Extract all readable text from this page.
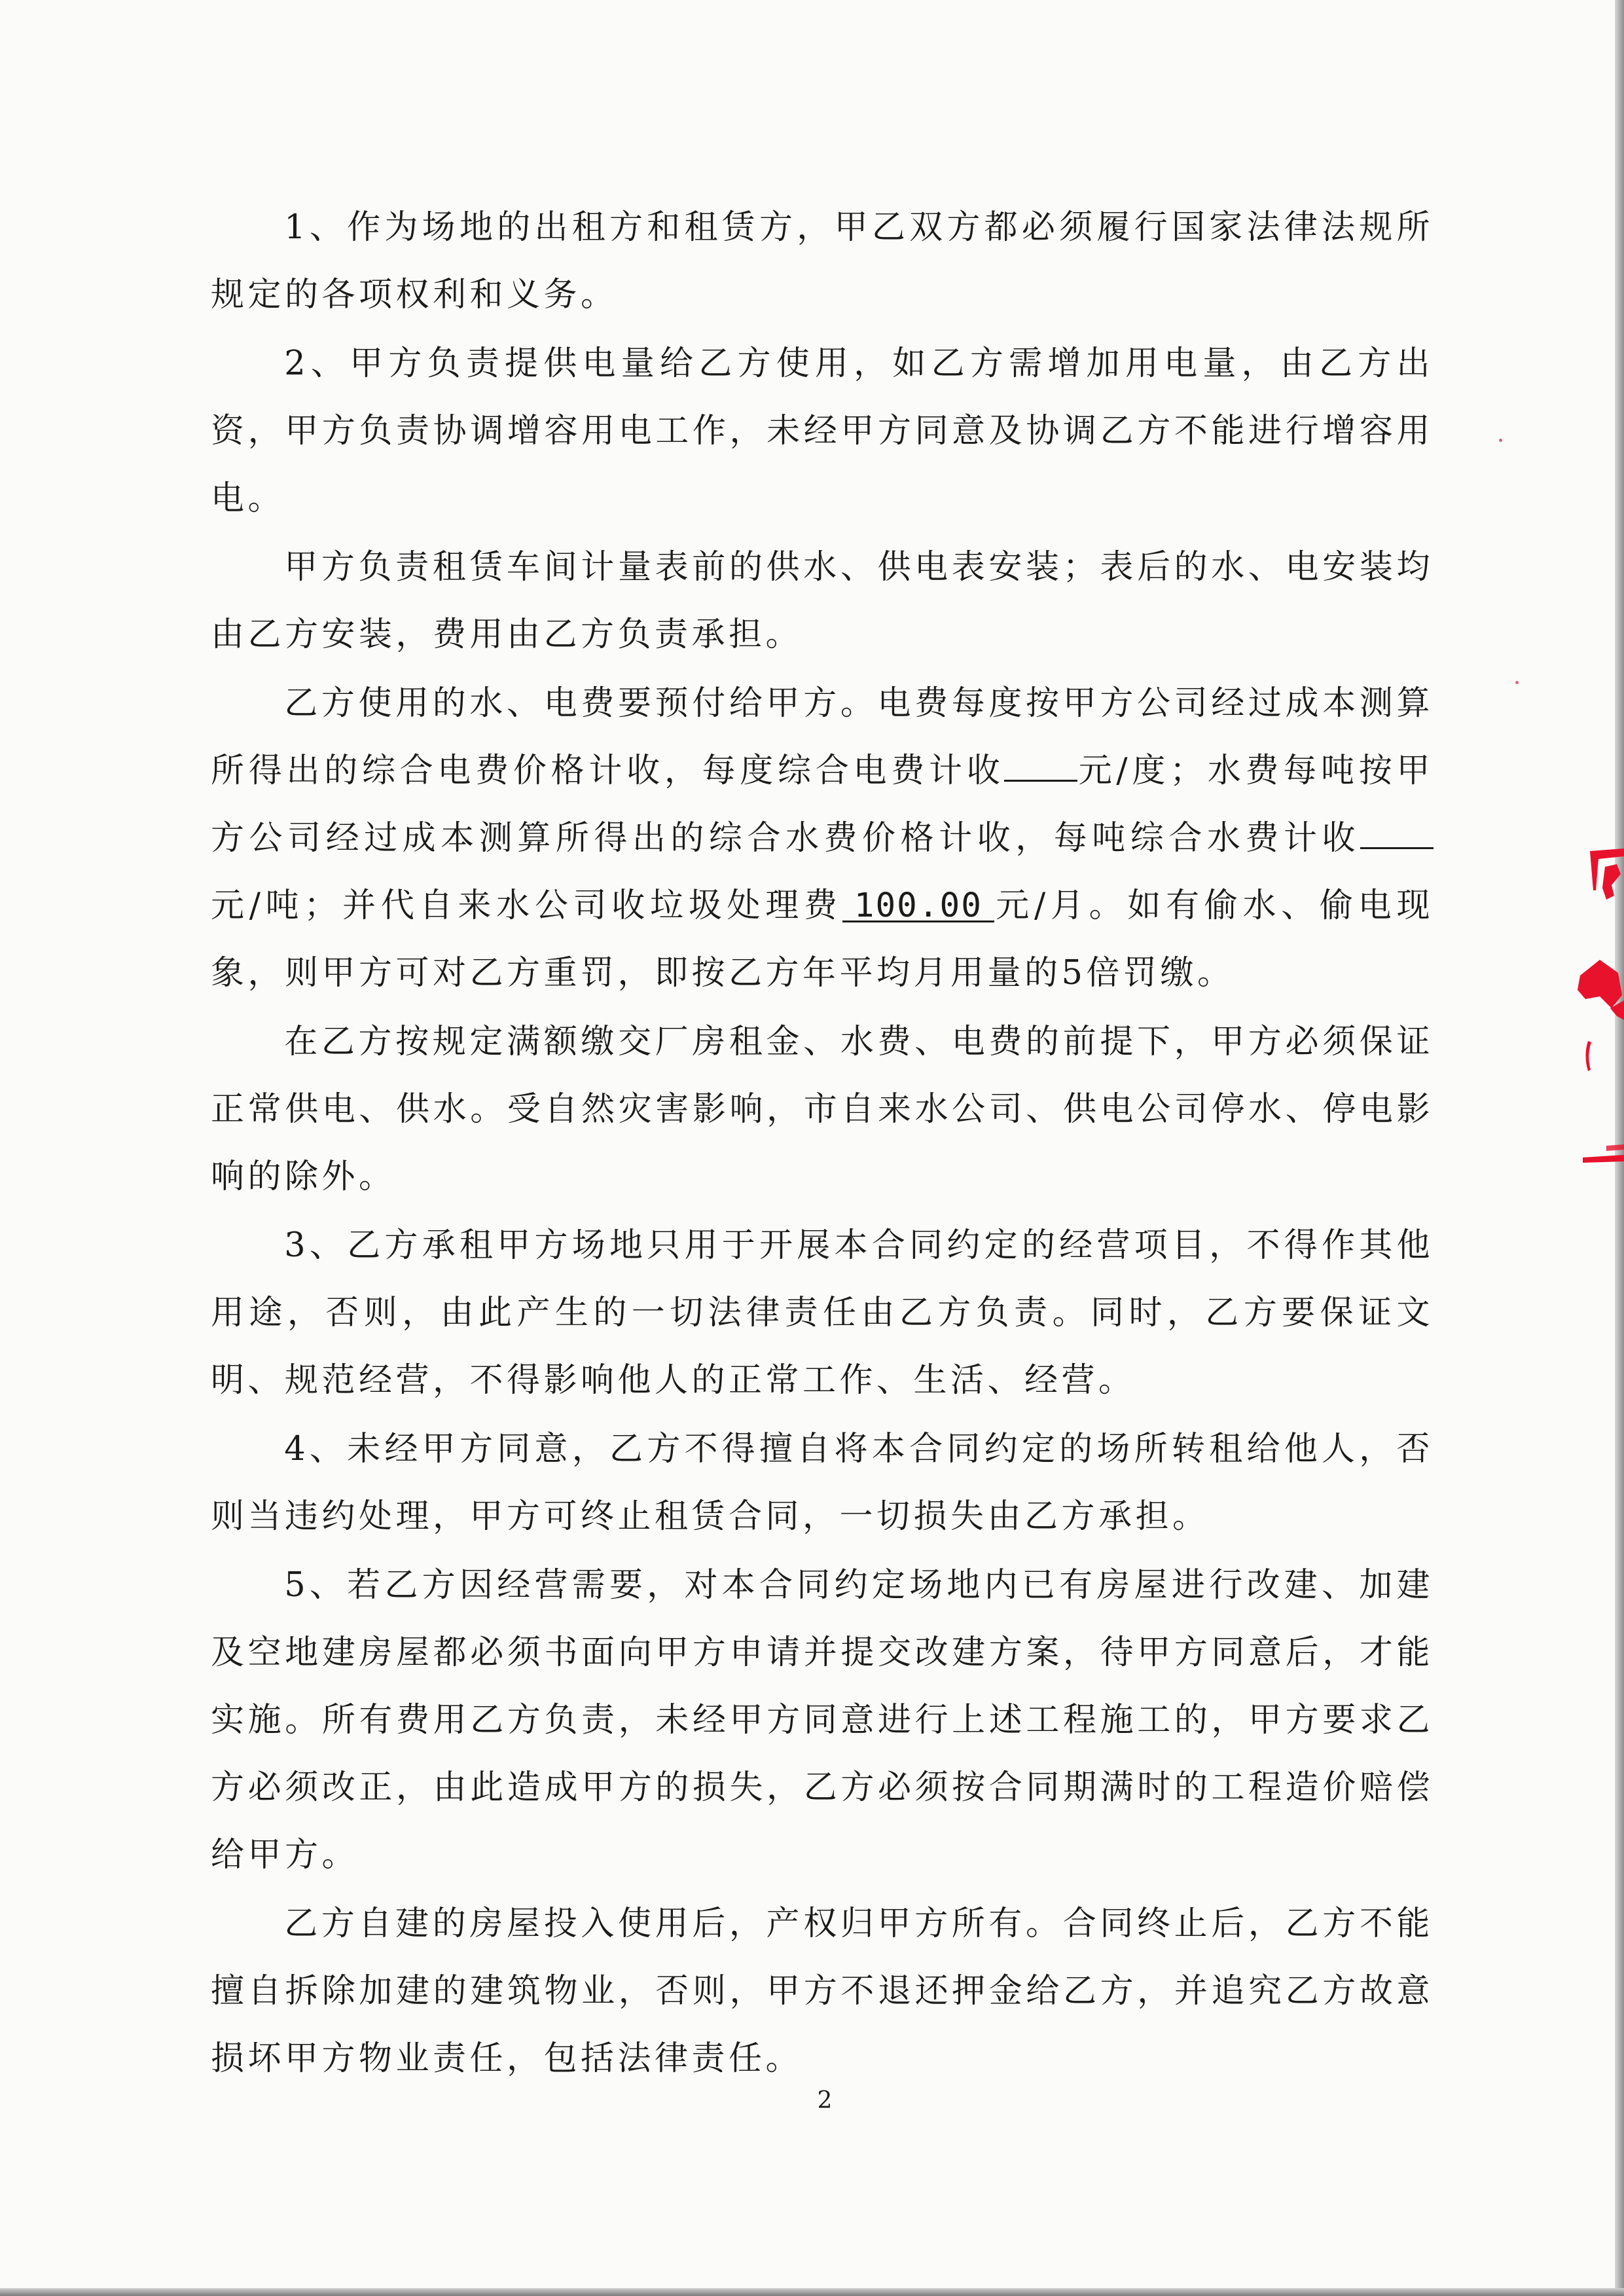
1、作为场地的出租方和租赁方，甲乙双方都必须履行国家法律法规所规定的各项权利和义务。

2、甲方负责提供电量给乙方使用，如乙方需增加用电量，由乙方出资，甲方负责协调增容用电工作，未经甲方同意及协调乙方不能进行增容用电。

甲方负责租赁车间计量表前的供水、供电表安装；表后的水、电安装均由乙方安装，费用由乙方负责承担。

乙方使用的水、电费要预付给甲方。电费每度按甲方公司经过成本测算所得出的综合电费价格计收，每度综合电费计收 元/度；水费每吨按甲方公司经过成本测算所得出的综合水费价格计收，每吨综合水费计收元/吨；并代自来水公司收垃圾处理费 100.00 元/月。如有偷水、偷电现象，则甲方可对乙方重罚，即按乙方年平均月用量的5倍罚缴。

在乙方按规定满额缴交厂房租金、水费、电费的前提下，甲方必须保证正常供电、供水。受自然灾害影响，市自来水公司、供电公司停水、停电影响的除外。

3、乙方承租甲方场地只用于开展本合同约定的经营项目，不得作其他用途，否则，由此产生的一切法律责任由乙方负责。同时，乙方要保证文明、规范经营，不得影响他人的正常工作、生活、经营。

4、未经甲方同意，乙方不得擅自将本合同约定的场所转租给他人，否则当违约处理，甲方可终止租赁合同，一切损失由乙方承担。

5、若乙方因经营需要，对本合同约定场地内已有房屋进行改建、加建及空地建房屋都必须书面向甲方申请并提交改建方案，待甲方同意后，才能实施。所有费用乙方负责，未经甲方同意进行上述工程施工的，甲方要求乙方必须改正，由此造成甲方的损失，乙方必须按合同期满时的工程造价赔偿给甲方。

乙方自建的房屋投入使用后，产权归甲方所有。合同终止后，乙方不能擅自拆除加建的建筑物业，否则，甲方不退还押金给乙方，并追究乙方故意损坏甲方物业责任，包括法律责任。

2
